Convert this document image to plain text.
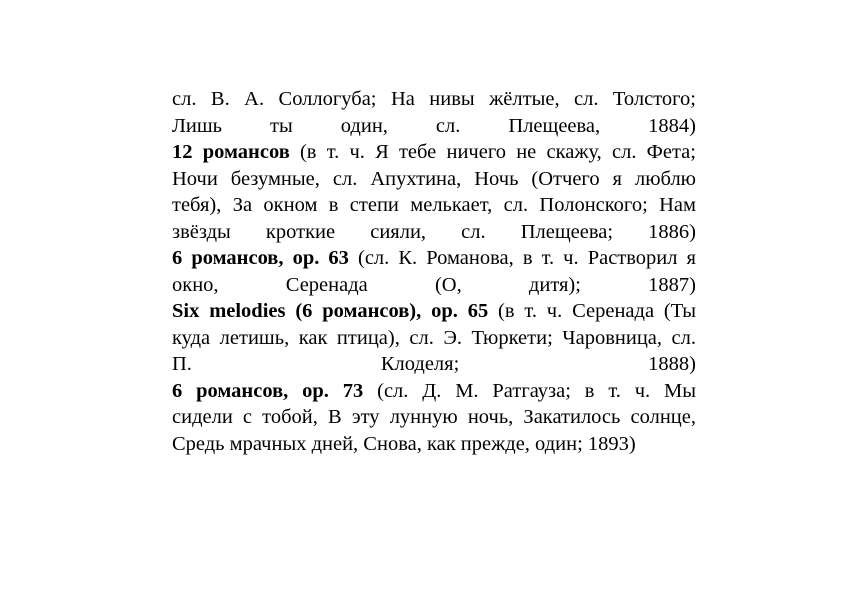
сл. В. А. Соллогуба; На нивы жёлтые, сл. Толстого;
Лишь ты один, сл. Плещеева, 1884)
12 романсов (в т. ч. Я тебе ничего не скажу, сл. Фета;
Ночи безумные, сл. Апухтина, Ночь (Отчего я люблю
тебя), За окном в степи мелькает, сл. Полонского; Нам
звёзды кроткие сияли, сл. Плещеева; 1886)
6 романсов, op. 63 (сл. К. Романова, в т. ч. Растворил я
окно, Серенада (О, дитя); 1887)
Six melodies (6 романсов), op. 65 (в т. ч. Серенада (Ты
куда летишь, как птица), сл. Э. Тюркети; Чаровница, сл.
П. Клоделя; 1888)
6 романсов, ор. 73 (сл. Д. М. Ратгауза; в т. ч. Мы
сидели с тобой, В эту лунную ночь, Закатилось солнце,
Средь мрачных дней, Снова, как прежде, один; 1893)
